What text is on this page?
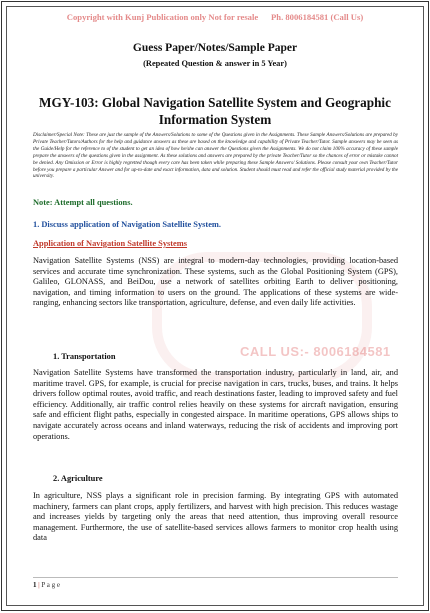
CALL US:- 8006184581
Copyright with Kunj Publication only Not for resale      Ph. 8006184581 (Call Us)
Guess Paper/Notes/Sample Paper
(Repeated Question & answer in 5 Year)
MGY-103: Global Navigation Satellite System and Geographic Information System
Disclaimer/Special Note: These are just the sample of the Answers/Solutions to some of the Questions given in the Assignments. These Sample Answers/Solutions are prepared by Private Teacher/Tutors/Authors for the help and guidance answers as these are based on the knowledge and capability of Private Teacher/Tutor. Sample answers may be seen as the Guide/Help for the reference to of the student to get an idea of how he/she can answer the Questions given the Assignments. We do not claim 100% accuracy of these sample prepare the answers of the questions given in the assignment. As these solutions and answers are prepared by the private Teacher/Tutor so the chances of error or mistake cannot be denied. Any Omission or Error is highly regretted though every care has been taken while preparing these Sample Answers/ Solutions. Please consult your own Teacher/Tutor before you prepare a particular Answer and for up-to-date and exact information, data and solution. Student should must read and refer the official study material provided by the university.
Note: Attempt all questions.
1. Discuss application of Navigation Satellite System.
Application of Navigation Satellite Systems
Navigation Satellite Systems (NSS) are integral to modern-day technologies, providing location-based services and accurate time synchronization. These systems, such as the Global Positioning System (GPS), Galileo, GLONASS, and BeiDou, use a network of satellites orbiting Earth to deliver positioning, navigation, and timing information to users on the ground. The applications of these systems are wide-ranging, enhancing sectors like transportation, agriculture, defense, and even daily life activities.
1. Transportation
Navigation Satellite Systems have transformed the transportation industry, particularly in land, air, and maritime travel. GPS, for example, is crucial for precise navigation in cars, trucks, buses, and trains. It helps drivers follow optimal routes, avoid traffic, and reach destinations faster, leading to improved safety and fuel efficiency. Additionally, air traffic control relies heavily on these systems for aircraft navigation, ensuring safe and efficient flight paths, especially in congested airspace. In maritime operations, GPS allows ships to navigate accurately across oceans and inland waterways, reducing the risk of accidents and improving port operations.
2. Agriculture
In agriculture, NSS plays a significant role in precision farming. By integrating GPS with automated machinery, farmers can plant crops, apply fertilizers, and harvest with high precision. This reduces wastage and increases yields by targeting only the areas that need attention, thus improving overall resource management. Furthermore, the use of satellite-based services allows farmers to monitor crop health using data
1 | P a g e
